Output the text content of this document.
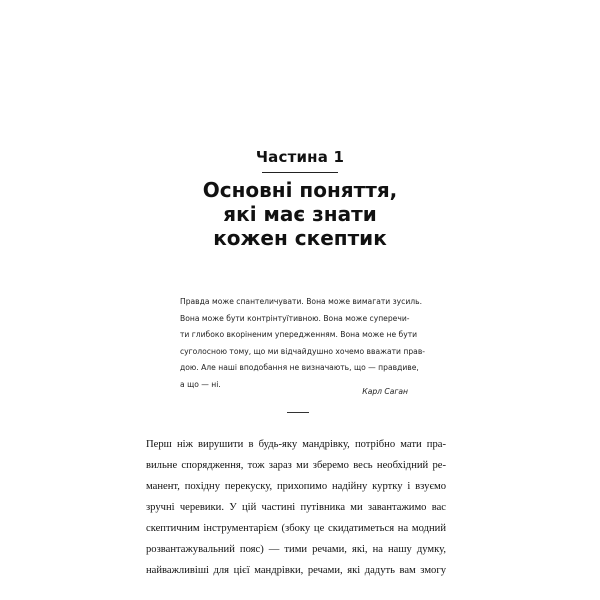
Частина 1
Основні поняття,
які має знати
кожен скептик
Правда може спантеличувати. Вона може вимагати зусиль.
Вона може бути контрінтуїтивною. Вона може суперечи-
ти глибоко вкоріненим упередженням. Вона може не бути
суголосною тому, що ми відчайдушно хочемо вважати прав-
дою. Але наші вподобання не визначають, що — правдиве,
а що — ні.
Карл Саган
Перш ніж вирушити в будь-яку мандрівку, потрібно мати пра-
вильне спорядження, тож зараз ми зберемо весь необхідний ре-
манент, похідну перекуску, прихопимо надійну куртку і взуємо
зручні черевики. У цій частині путівника ми завантажимо вас
скептичним інструментарієм (збоку це скидатиметься на модний
розвантажувальний пояс) — тими речами, які, на нашу думку,
найважливіші для цієї мандрівки, речами, які дадуть вам змогу
